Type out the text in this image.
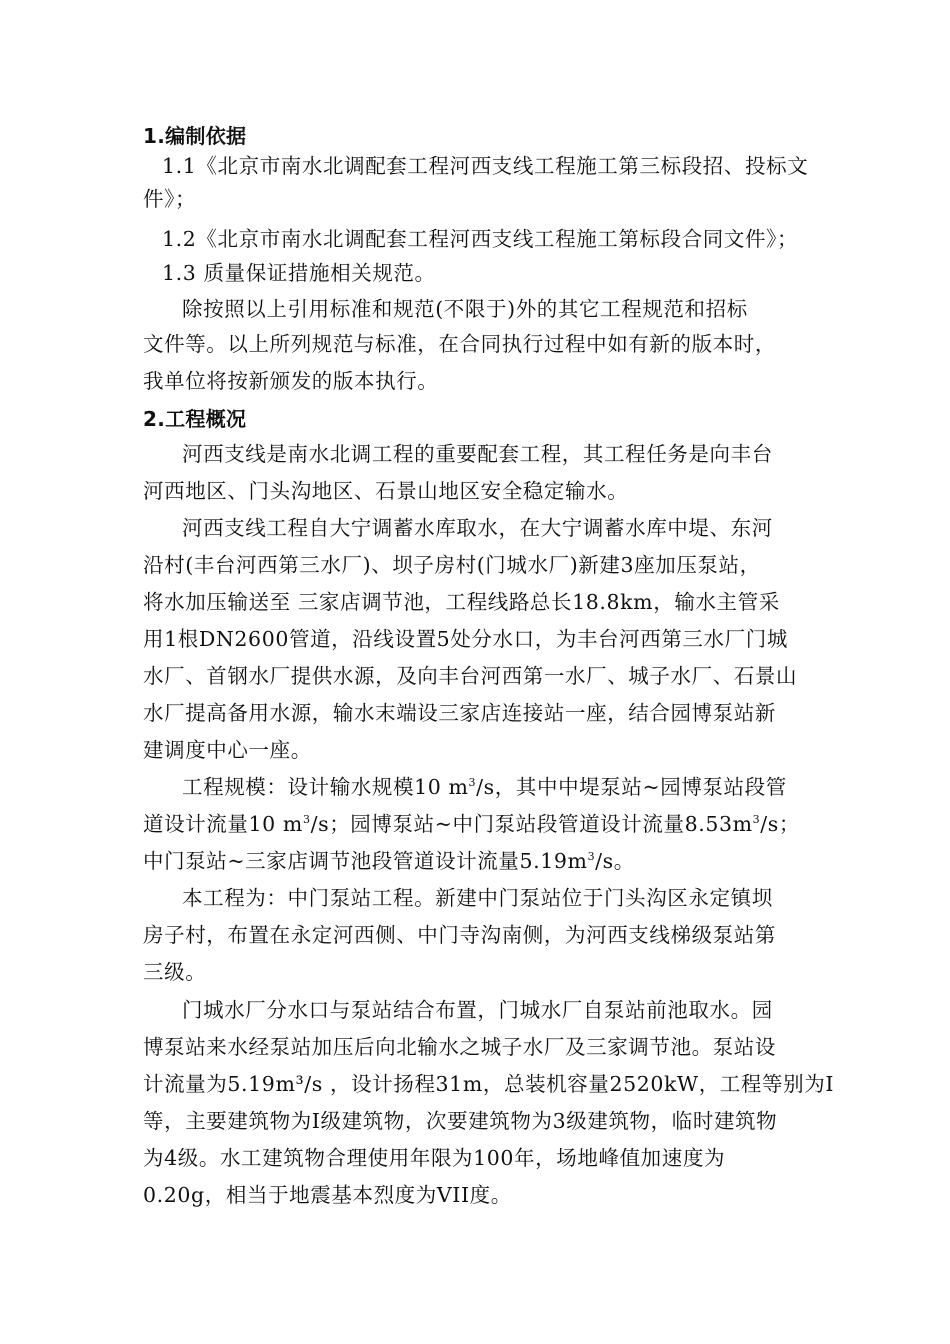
1.编制依据
1.1《北京市南水北调配套工程河西支线工程施工第三标段招、投标文
件》；
1.2《北京市南水北调配套工程河西支线工程施工第标段合同文件》；
1.3 质量保证措施相关规范。
除按照以上引用标准和规范(不限于)外的其它工程规范和招标
文件等。以上所列规范与标准，在合同执行过程中如有新的版本时，
我单位将按新颁发的版本执行。
2.工程概况
河西支线是南水北调工程的重要配套工程，其工程任务是向丰台
河西地区、门头沟地区、石景山地区安全稳定输水。
河西支线工程自大宁调蓄水库取水，在大宁调蓄水库中堤、东河
沿村(丰台河西第三水厂)、坝子房村(门城水厂)新建3座加压泵站，
将水加压输送至 三家店调节池，工程线路总长18.8km，输水主管采
用1根DN2600管道，沿线设置5处分水口，为丰台河西第三水厂门城
水厂、首钢水厂提供水源，及向丰台河西第一水厂、城子水厂、石景山
水厂提高备用水源，输水末端设三家店连接站一座，结合园博泵站新
建调度中心一座。
工程规模：设计输水规模10 $m^3/s$，其中中堤泵站~园博泵站段管
道设计流量10 $m^3/s$；园博泵站~中门泵站段管道设计流量$8.53m^3/s$；
中门泵站~三家店调节池段管道设计流量$5.19m^3/s$。
本工程为：中门泵站工程。新建中门泵站位于门头沟区永定镇坝
房子村，布置在永定河西侧、中门寺沟南侧，为河西支线梯级泵站第
三级。
门城水厂分水口与泵站结合布置，门城水厂自泵站前池取水。园
博泵站来水经泵站加压后向北输水之城子水厂及三家调节池。泵站设
计流量为5.19m³/s ，设计扬程31m，总装机容量2520kW，工程等别为I
等，主要建筑物为I级建筑物，次要建筑物为3级建筑物，临时建筑物
为4级。水工建筑物合理使用年限为100年，场地峰值加速度为
0.20g，相当于地震基本烈度为VII度。
